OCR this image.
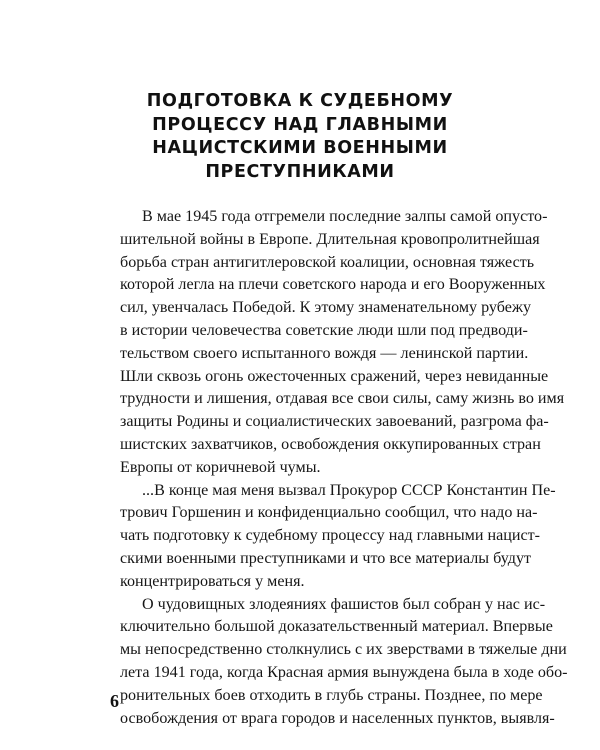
ПОДГОТОВКА К СУДЕБНОМУ
ПРОЦЕССУ НАД ГЛАВНЫМИ
НАЦИСТСКИМИ ВОЕННЫМИ
ПРЕСТУПНИКАМИ
В мае 1945 года отгремели последние залпы самой опусто-
шительной войны в Европе. Длительная кровопролитнейшая
борьба стран антигитлеровской коалиции, основная тяжесть
которой легла на плечи советского народа и его Вооруженных
сил, увенчалась Победой. К этому знаменательному рубежу
в истории человечества советские люди шли под предводи-
тельством своего испытанного вождя — ленинской партии.
Шли сквозь огонь ожесточенных сражений, через невиданные
трудности и лишения, отдавая все свои силы, саму жизнь во имя
защиты Родины и социалистических завоеваний, разгрома фа-
шистских захватчиков, освобождения оккупированных стран
Европы от коричневой чумы.
...В конце мая меня вызвал Прокурор СССР Константин Пе-
трович Горшенин и конфиденциально сообщил, что надо на-
чать подготовку к судебному процессу над главными нацист-
скими военными преступниками и что все материалы будут
концентрироваться у меня.
О чудовищных злодеяниях фашистов был собран у нас ис-
ключительно большой доказательственный материал. Впервые
мы непосредственно столкнулись с их зверствами в тяжелые дни
лета 1941 года, когда Красная армия вынуждена была в ходе обо-
ронительных боев отходить в глубь страны. Позднее, по мере
освобождения от врага городов и населенных пунктов, выявля-
6
